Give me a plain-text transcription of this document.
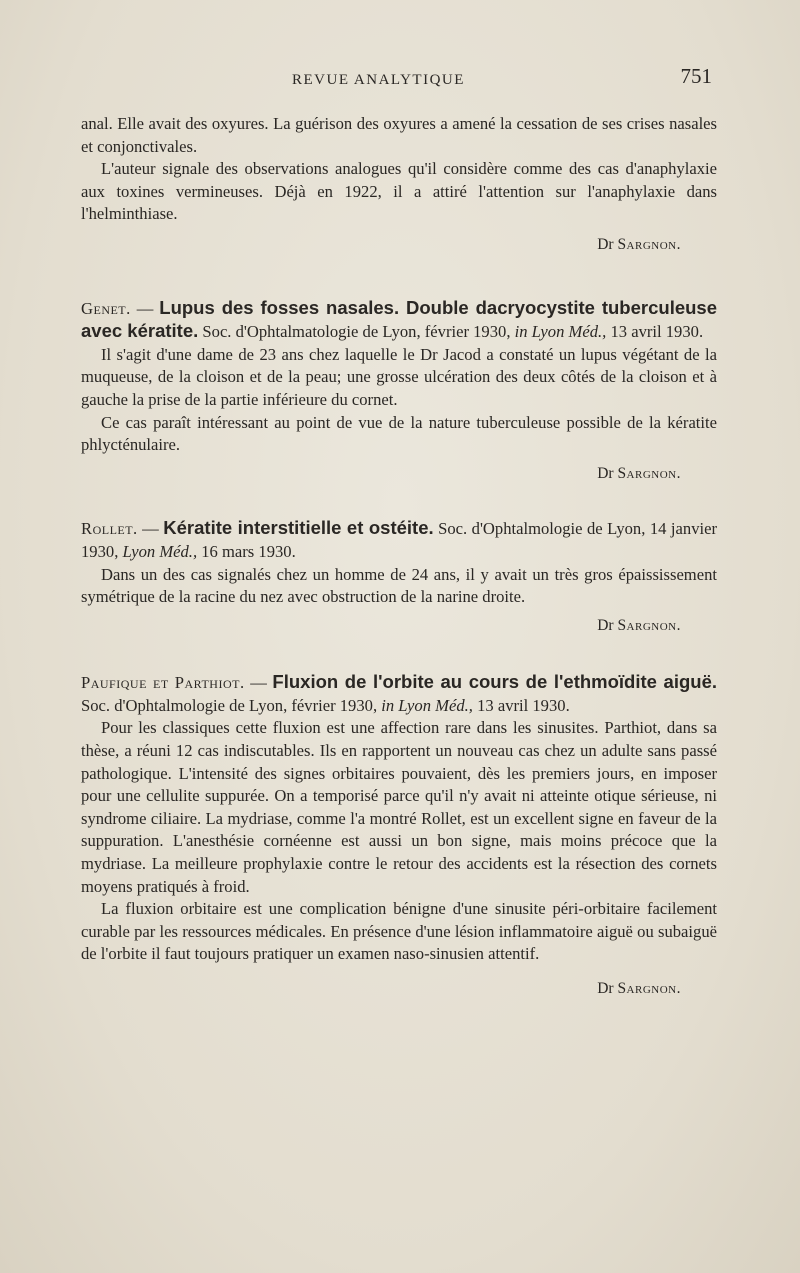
REVUE ANALYTIQUE	751

anal. Elle avait des oxyures. La guérison des oxyures a amené la cessation de ses crises nasales et conjonctivales.

L'auteur signale des observations analogues qu'il considère comme des cas d'anaphylaxie aux toxines vermineuses. Déjà en 1922, il a attiré l'attention sur l'anaphylaxie dans l'helminthiase.

Dr Sargnon.

Genet. — Lupus des fosses nasales. Double dacryocystite tuberculeuse avec kératite. Soc. d'Ophtalmatologie de Lyon, février 1930, in Lyon Méd., 13 avril 1930.

Il s'agit d'une dame de 23 ans chez laquelle le Dr Jacod a constaté un lupus végétant de la muqueuse, de la cloison et de la peau; une grosse ulcération des deux côtés de la cloison et à gauche la prise de la partie inférieure du cornet.

Ce cas paraît intéressant au point de vue de la nature tuberculeuse possible de la kératite phlycténulaire.

Dr Sargnon.

Rollet. — Kératite interstitielle et ostéite. Soc. d'Ophtalmologie de Lyon, 14 janvier 1930, Lyon Méd., 16 mars 1930.

Dans un des cas signalés chez un homme de 24 ans, il y avait un très gros épaississement symétrique de la racine du nez avec obstruction de la narine droite.

Dr Sargnon.

Paufique et Parthiot. — Fluxion de l'orbite au cours de l'ethmoïdite aiguë. Soc. d'Ophtalmologie de Lyon, février 1930, in Lyon Méd., 13 avril 1930.

Pour les classiques cette fluxion est une affection rare dans les sinusites. Parthiot, dans sa thèse, a réuni 12 cas indiscutables. Ils en rapportent un nouveau cas chez un adulte sans passé pathologique. L'intensité des signes orbitaires pouvaient, dès les premiers jours, en imposer pour une cellulite suppurée. On a temporisé parce qu'il n'y avait ni atteinte otique sérieuse, ni syndrome ciliaire. La mydriase, comme l'a montré Rollet, est un excellent signe en faveur de la suppuration. L'anesthésie cornéenne est aussi un bon signe, mais moins précoce que la mydriase. La meilleure prophylaxie contre le retour des accidents est la résection des cornets moyens pratiqués à froid.

La fluxion orbitaire est une complication bénigne d'une sinusite péri-orbitaire facilement curable par les ressources médicales. En présence d'une lésion inflammatoire aiguë ou subaiguë de l'orbite il faut toujours pratiquer un examen naso-sinusien attentif.

Dr Sargnon.
